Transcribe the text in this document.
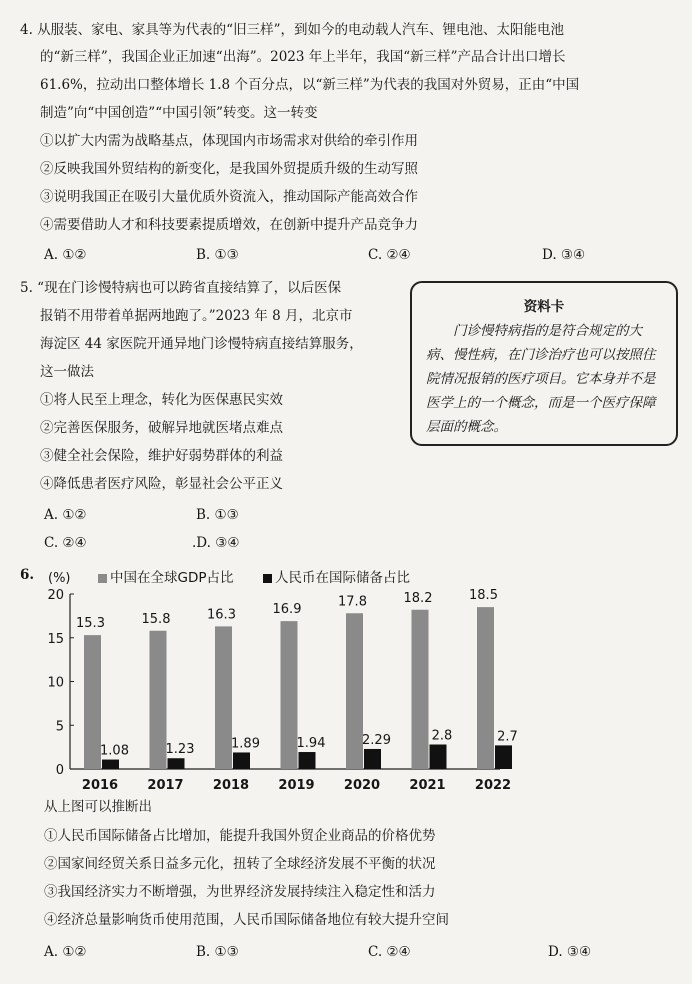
4. 从服装、家电、家具等为代表的“旧三样”，到如今的电动载人汽车、锂电池、太阳能电池
的“新三样”，我国企业正加速“出海”。2023 年上半年，我国“新三样”产品合计出口增长
61.6%，拉动出口整体增长 1.8 个百分点，以“新三样”为代表的我国对外贸易，正由“中国
制造”向“中国创造”“中国引领”转变。这一转变
①以扩大内需为战略基点，体现国内市场需求对供给的牵引作用
②反映我国外贸结构的新变化，是我国外贸提质升级的生动写照
③说明我国正在吸引大量优质外资流入，推动国际产能高效合作
④需要借助人才和科技要素提质增效，在创新中提升产品竞争力
A. ①②	B. ①③	C. ②④	D. ③④
5. “现在门诊慢特病也可以跨省直接结算了，以后医保
报销不用带着单据两地跑了。”2023 年 8 月，北京市
海淀区 44 家医院开通异地门诊慢特病直接结算服务，
这一做法
①将人民至上理念，转化为医保惠民实效
②完善医保服务，破解异地就医堵点难点
③健全社会保险，维护好弱势群体的利益
④降低患者医疗风险，彰显社会公平正义
A. ①②	B. ①③
C. ②④	.D. ③④
资料卡
门诊慢特病指的是符合规定的大病、慢性病，在门诊治疗也可以按照住院情况报销的医疗项目。它本身并不是医学上的一个概念，而是一个医疗保障层面的概念。
6.	中国在全球GDP占比	人民币在国际储备占比
(%)
0
5
10
15
20
15.3
1.08
2016
15.8
1.23
2017
16.3
1.89
2018
16.9
1.94
2019
17.8
2.29
2020
18.2
2.8
2021
18.5
2.7
2022
从上图可以推断出
①人民币国际储备占比增加，能提升我国外贸企业商品的价格优势
②国家间经贸关系日益多元化，扭转了全球经济发展不平衡的状况
③我国经济实力不断增强，为世界经济发展持续注入稳定性和活力
④经济总量影响货币使用范围，人民币国际储备地位有较大提升空间
A. ①②	B. ①③	C. ②④	D. ③④
